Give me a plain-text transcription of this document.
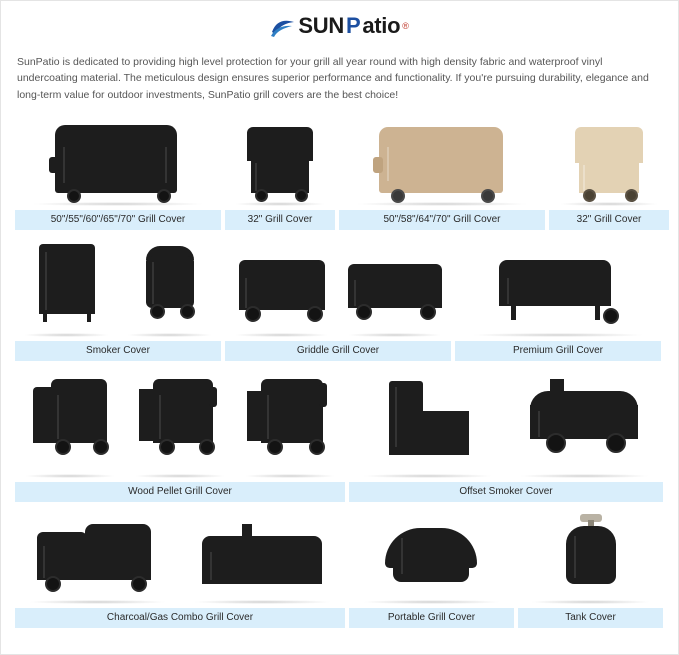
SUN P atio ®
SunPatio is dedicated to providing high level protection for your grill all year round with high density fabric and waterproof vinyl undercoating material. The meticulous design ensures superior performance and functionality. If you're pursuing durability, elegance and long-term value for outdoor investments, SunPatio grill covers are the best choice!
50"/55"/60"/65"/70" Grill Cover	32" Grill Cover	50"/58"/64"/70" Grill Cover	32" Grill Cover
Smoker Cover	Griddle Grill Cover	Premium Grill Cover
Wood Pellet Grill Cover	Offset Smoker Cover
Charcoal/Gas Combo Grill Cover	Portable Grill Cover	Tank Cover
